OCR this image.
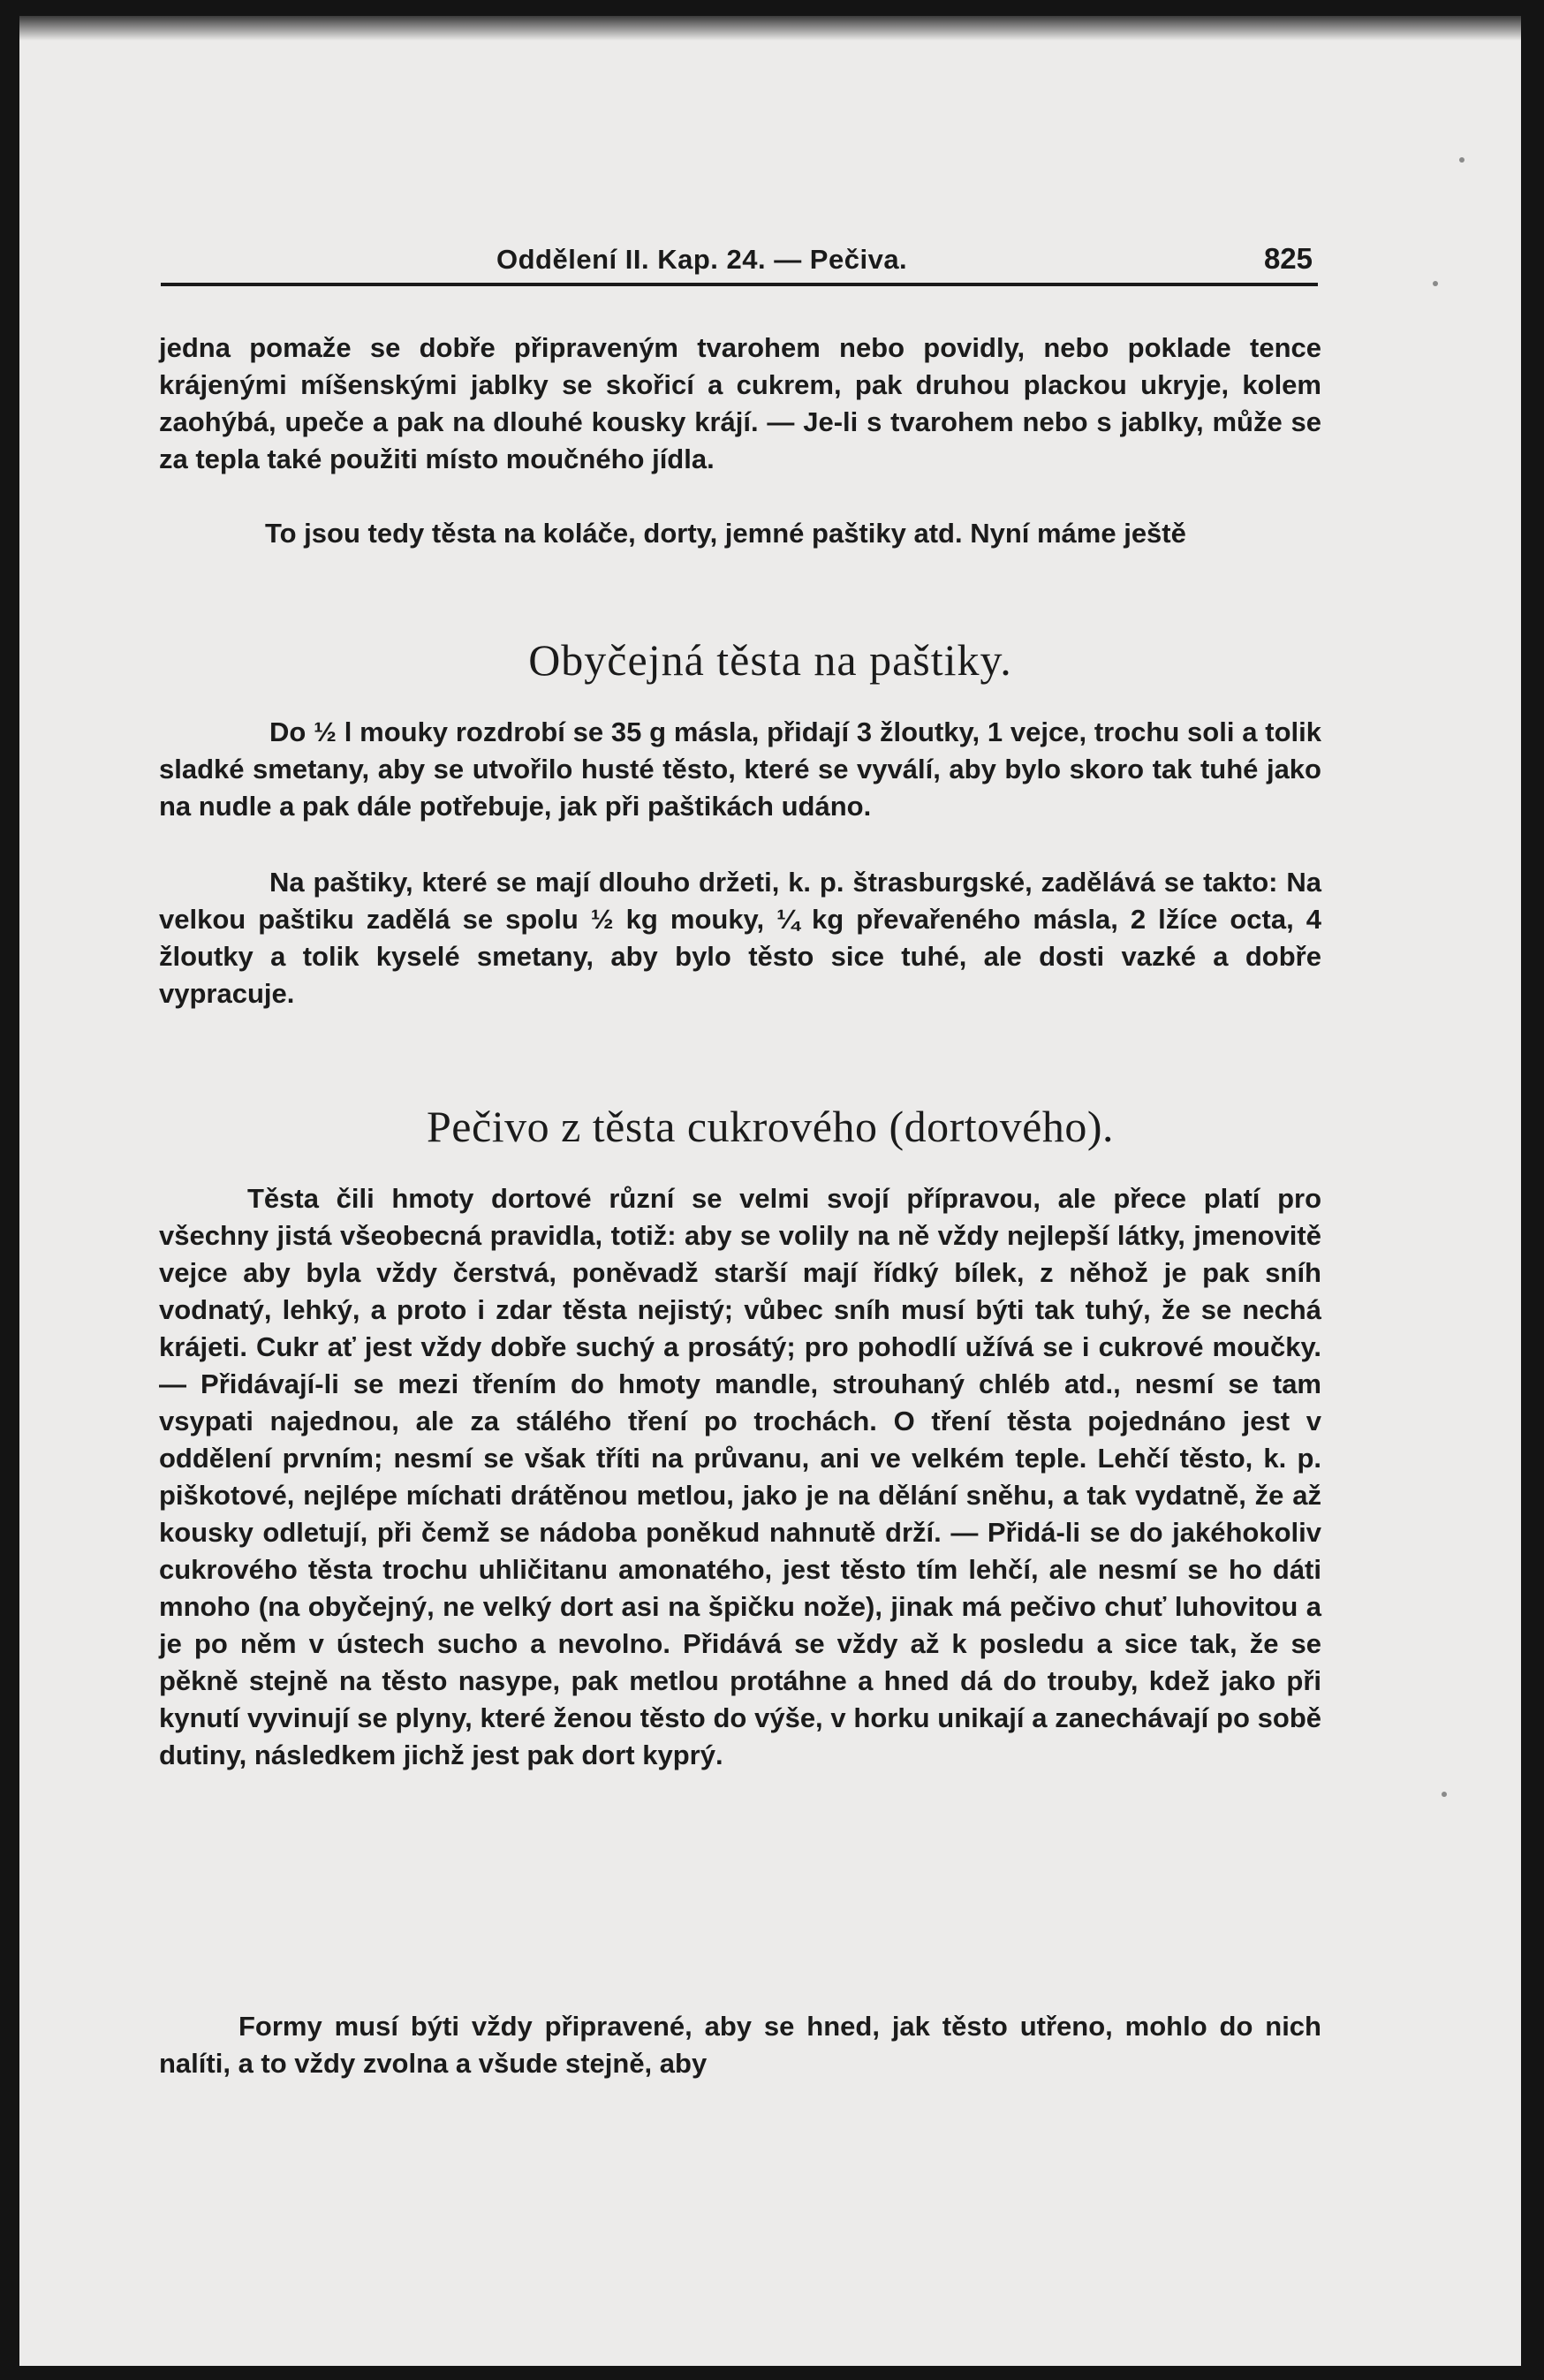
Oddělení II. Kap. 24. — Pečiva.	825
jedna pomaže se dobře připraveným tvarohem nebo povidly, nebo poklade tence krájenými míšenskými jablky se skořicí a cukrem, pak druhou plackou ukryje, kolem zaohýbá, upeče a pak na dlouhé kousky krájí. — Je-li s tvarohem nebo s jablky, může se za tepla také použiti místo moučného jídla.
To jsou tedy těsta na koláče, dorty, jemné paštiky atd. Nyní máme ještě
Obyčejná těsta na paštiky.
Do ½ l mouky rozdrobí se 35 g másla, přidají 3 žloutky, 1 vejce, trochu soli a tolik sladké smetany, aby se utvořilo husté těsto, které se vyválí, aby bylo skoro tak tuhé jako na nudle a pak dále potřebuje, jak při paštikách udáno.
Na paštiky, které se mají dlouho držeti, k. p. štrasburgské, zadělává se takto: Na velkou paštiku zadělá se spolu ½ kg mouky, ¼ kg převařeného másla, 2 lžíce octa, 4 žloutky a tolik kyselé smetany, aby bylo těsto sice tuhé, ale dosti vazké a dobře vypracuje.
Pečivo z těsta cukrového (dortového).
Těsta čili hmoty dortové různí se velmi svojí přípravou, ale přece platí pro všechny jistá všeobecná pravidla, totiž: aby se volily na ně vždy nejlepší látky, jmenovitě vejce aby byla vždy čerstvá, poněvadž starší mají řídký bílek, z něhož je pak sníh vodnatý, lehký, a proto i zdar těsta nejistý; vůbec sníh musí býti tak tuhý, že se nechá krájeti. Cukr ať jest vždy dobře suchý a prosátý; pro pohodlí užívá se i cukrové moučky. — Přidávají-li se mezi třením do hmoty mandle, strouhaný chléb atd., nesmí se tam vsypati najednou, ale za stálého tření po trochách. O tření těsta pojednáno jest v oddělení prvním; nesmí se však tříti na průvanu, ani ve velkém teple. Lehčí těsto, k. p. piškotové, nejlépe míchati drátěnou metlou, jako je na dělání sněhu, a tak vydatně, že až kousky odletují, při čemž se nádoba poněkud nahnutě drží. — Přidá-li se do jakéhokoliv cukrového těsta trochu uhličitanu amonatého, jest těsto tím lehčí, ale nesmí se ho dáti mnoho (na obyčejný, ne velký dort asi na špičku nože), jinak má pečivo chuť luhovitou a je po něm v ústech sucho a nevolno. Přidává se vždy až k posledu a sice tak, že se pěkně stejně na těsto nasype, pak metlou protáhne a hned dá do trouby, kdež jako při kynutí vyvinují se plyny, které ženou těsto do výše, v horku unikají a zanechávají po sobě dutiny, následkem jichž jest pak dort kyprý.
Formy musí býti vždy připravené, aby se hned, jak těsto utřeno, mohlo do nich nalíti, a to vždy zvolna a všude stejně, aby
